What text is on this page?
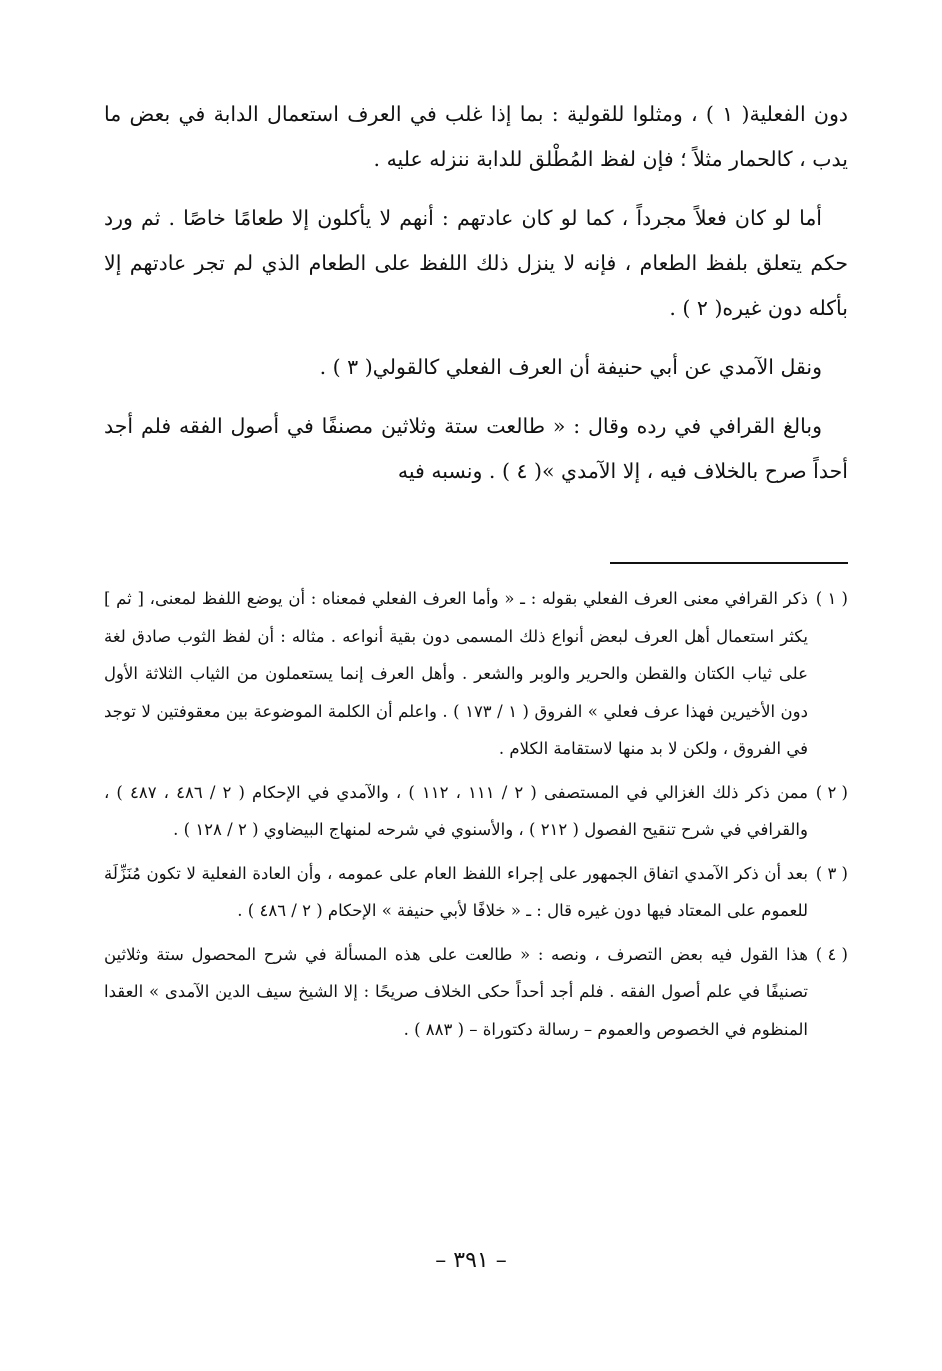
دون الفعلية( ١ ) ، ومثلوا للقولية : بما إذا غلب في العرف استعمال الدابة في بعض ما يدب ، كالحمار مثلاً ؛ فإن لفظ المُطْلق للدابة ننزله عليه .

أما لو كان فعلاً مجرداً ، كما لو كان عادتهم : أنهم لا يأكلون إلا طعامًا خاصًا . ثم ورد حكم يتعلق بلفظ الطعام ، فإنه لا ينزل ذلك اللفظ على الطعام الذي لم تجر عادتهم إلا بأكله دون غيره( ٢ ) .

ونقل الآمدي عن أبي حنيفة أن العرف الفعلي كالقولي( ٣ ) .

وبالغ القرافي في رده وقال : « طالعت ستة وثلاثين مصنفًا في أصول الفقه فلم أجد أحداً صرح بالخلاف فيه ، إلا الآمدي »( ٤ ) . ونسبه فيه

( ١ )
ذكر القرافي معنى العرف الفعلي بقوله : ـ « وأما العرف الفعلي فمعناه : أن يوضع اللفظ لمعنى، [ ثم ] يكثر استعمال أهل العرف لبعض أنواع ذلك المسمى دون بقية أنواعه . مثاله : أن لفظ الثوب صادق لغة على ثياب الكتان والقطن والحرير والوبر والشعر . وأهل العرف إنما يستعملون من الثياب الثلاثة الأول دون الأخيرين فهذا عرف فعلي » الفروق ( ١ / ١٧٣ ) . واعلم أن الكلمة الموضوعة بين معقوفتين لا توجد في الفروق ، ولكن لا بد منها لاستقامة الكلام .
( ٢ )
ممن ذكر ذلك الغزالي في المستصفى ( ٢ / ١١١ ، ١١٢ ) ، والآمدي في الإحكام ( ٢ / ٤٨٦ ، ٤٨٧ ) ، والقرافي في شرح تنقيح الفصول ( ٢١٢ ) ، والأسنوي في شرحه لمنهاج البيضاوي ( ٢ / ١٢٨ ) .
( ٣ )
بعد أن ذكر الآمدي اتفاق الجمهور على إجراء اللفظ العام على عمومه ، وأن العادة الفعلية لا تكون مُنَزِّلَة للعموم على المعتاد فيها دون غيره قال : ـ « خلافًا لأبي حنيفة » الإحكام ( ٢ / ٤٨٦ ) .
( ٤ )
هذا القول فيه بعض التصرف ، ونصه : « طالعت على هذه المسألة في شرح المحصول ستة وثلاثين تصنيفًا في علم أصول الفقه . فلم أجد أحداً حكى الخلاف صريحًا : إلا الشيخ سيف الدين الآمدى » العقدا المنظوم في الخصوص والعموم – رسالة دكتوراة – ( ٨٨٣ ) .
– ٣٩١ –
